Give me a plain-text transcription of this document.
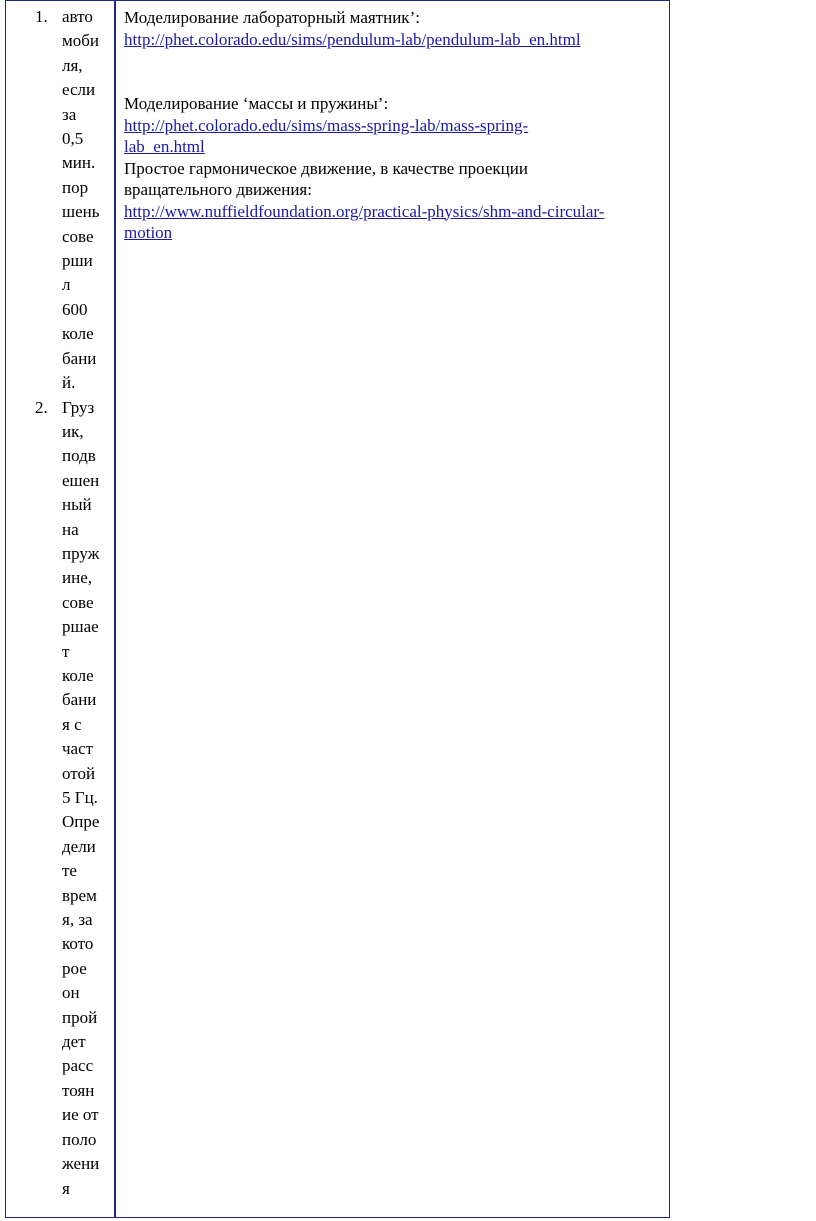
1. авто
моби
ля,
если
за
0,5
мин.
пор
шень
сове
рши
л
600
коле
бани
й.
2. Груз
ик,
подв
ешен
ный
на
пруж
ине,
сове
ршае
т
коле
бани
я с
част
отой
5 Гц.
Опре
дели
те
врем
я, за
кото
рое
он
прой
дет
расс
тоян
ие от
поло
жени
я
Моделирование лабораторный маятник’:
http://phet.colorado.edu/sims/pendulum-lab/pendulum-lab_en.html
Моделирование ‘массы и пружины’:
http://phet.colorado.edu/sims/mass-spring-lab/mass-spring-
lab_en.html
Простое гармоническое движение, в качестве проекции
вращательного движения:
http://www.nuffieldfoundation.org/practical-physics/shm-and-circular-
motion
